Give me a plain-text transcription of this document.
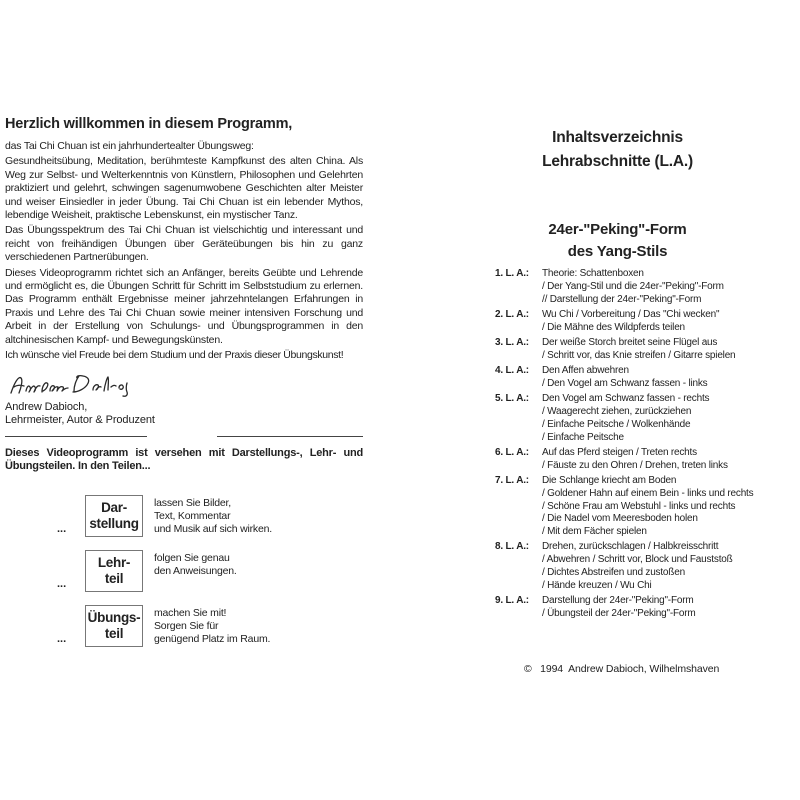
Herzlich willkommen in diesem Programm,

das Tai Chi Chuan ist ein jahrhundertealter Übungsweg:

Gesundheitsübung, Meditation, berühmteste Kampfkunst des alten China. Als Weg zur Selbst- und Welterkenntnis von Künstlern, Philosophen und Gelehrten praktiziert und gelehrt, schwingen sagenumwobene Geschichten alter Meister und weiser Einsiedler in jeder Übung. Tai Chi Chuan ist ein lebender Mythos, lebendige Weisheit, praktische Lebenskunst, ein mystischer Tanz.

Das Übungsspektrum des Tai Chi Chuan ist vielschichtig und interessant und reicht von freihändigen Übungen über Geräteübungen bis hin zu ganz verschiedenen Partnerübungen.

Dieses Videoprogramm richtet sich an Anfänger, bereits Geübte und Lehrende und ermöglicht es, die Übungen Schritt für Schritt im Selbststudium zu erlernen. Das Programm enthält Ergebnisse meiner jahrzehntelangen Erfahrungen in Praxis und Lehre des Tai Chi Chuan sowie meiner intensiven Forschung und Arbeit in der Erstellung von Schulungs- und Übungsprogrammen in den altchinesischen Kampf- und Bewegungskünsten.

Ich wünsche viel Freude bei dem Studium und der Praxis dieser Übungskunst!

Andrew Dabioch,
Lehrmeister, Autor & Produzent

Dieses Videoprogramm ist versehen mit Darstellungs-, Lehr- und Übungsteilen. In den Teilen...

...
Dar-
stellung
lassen Sie Bilder,
Text, Kommentar
und Musik auf sich wirken.
...
Lehr-
teil
folgen Sie genau
den Anweisungen.
...
Übungs-
teil
machen Sie mit!
Sorgen Sie für
genügend Platz im Raum.
Inhaltsverzeichnis
Lehrabschnitte (L.A.)
24er-"Peking"-Form
des Yang-Stils
1. L. A.: Theorie: Schattenboxen
/ Der Yang-Stil und die 24er-"Peking"-Form
// Darstellung der 24er-"Peking"-Form
2. L. A.: Wu Chi / Vorbereitung / Das "Chi wecken"
/ Die Mähne des Wildpferds teilen
3. L. A.: Der weiße Storch breitet seine Flügel aus
/ Schritt vor, das Knie streifen / Gitarre spielen
4. L. A.: Den Affen abwehren
/ Den Vogel am Schwanz fassen - links
5. L. A.: Den Vogel am Schwanz fassen - rechts
/ Waagerecht ziehen, zurückziehen
/ Einfache Peitsche / Wolkenhände
/ Einfache Peitsche
6. L. A.: Auf das Pferd steigen / Treten rechts
/ Fäuste zu den Ohren / Drehen, treten links
7. L. A.: Die Schlange kriecht am Boden
/ Goldener Hahn auf einem Bein - links und rechts
/ Schöne Frau am Webstuhl - links und rechts
/ Die Nadel vom Meeresboden holen
/ Mit dem Fächer spielen
8. L. A.: Drehen, zurückschlagen / Halbkreisschritt
/ Abwehren / Schritt vor, Block und Fauststoß
/ Dichtes Abstreifen und zustoßen
/ Hände kreuzen / Wu Chi
9. L. A.: Darstellung der 24er-"Peking"-Form
/ Übungsteil der 24er-"Peking"-Form
©   1994  Andrew Dabioch, Wilhelmshaven
